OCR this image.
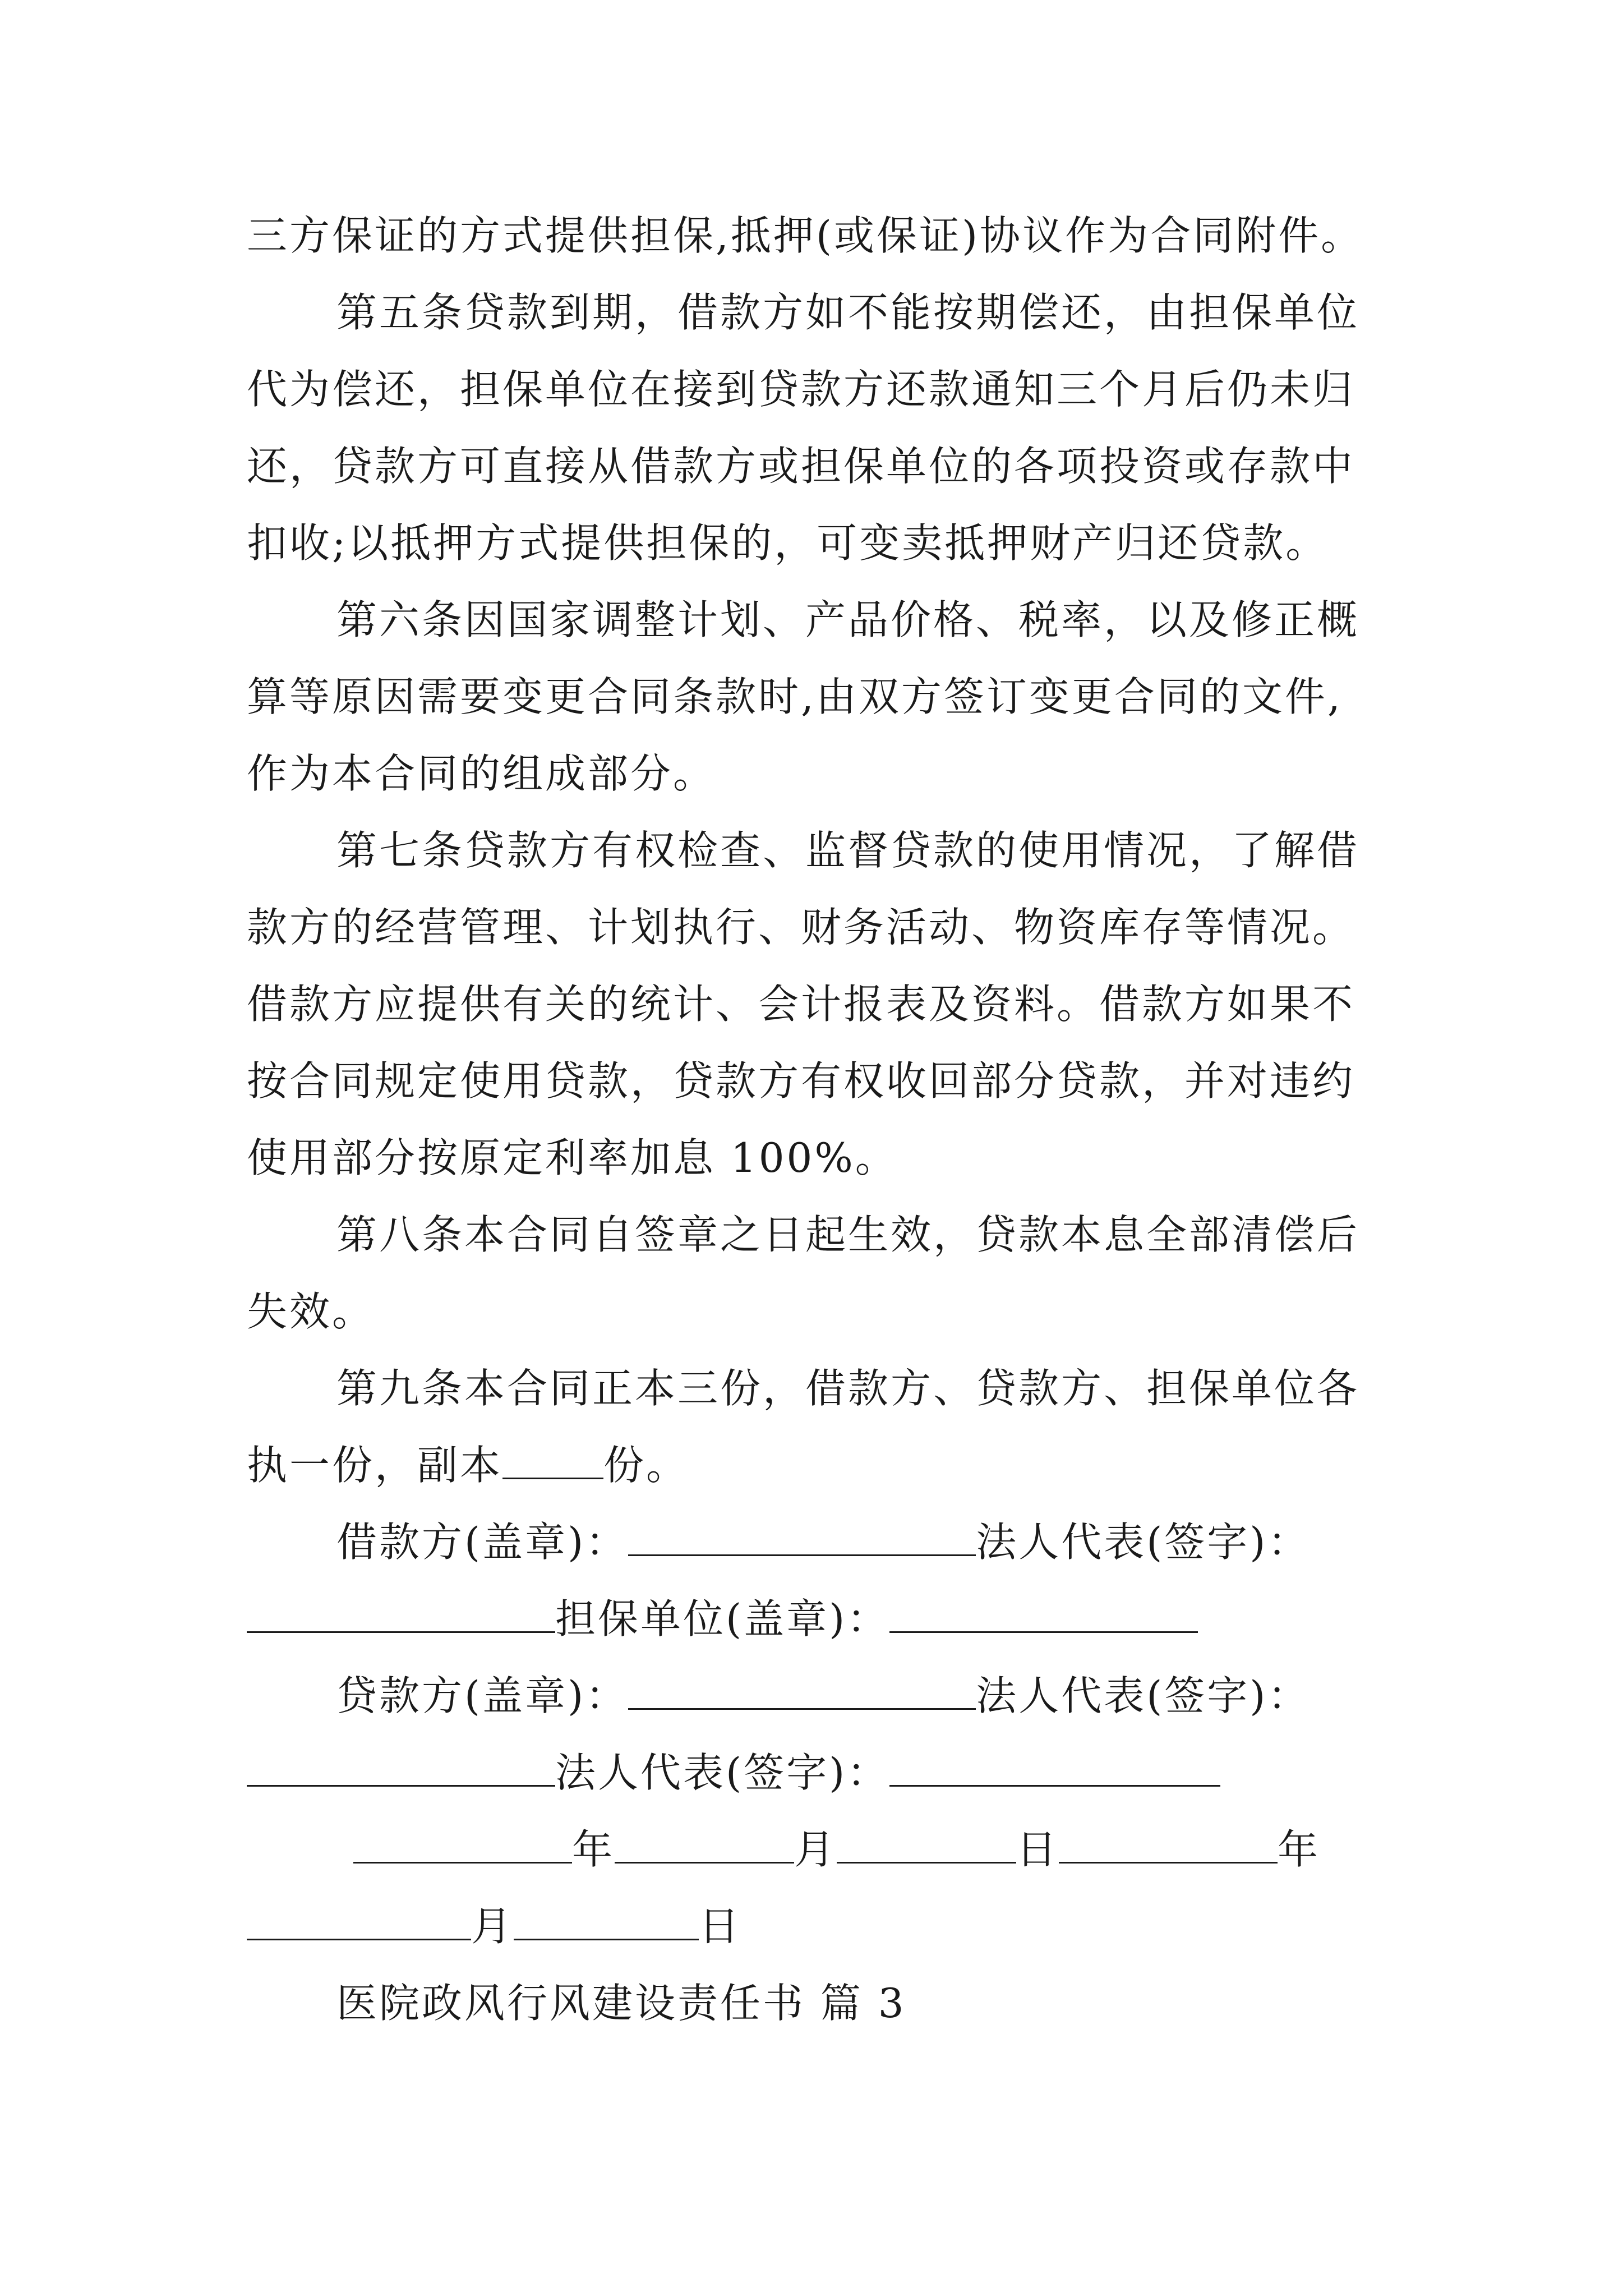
三方保证的方式提供担保,抵押(或保证)协议作为合同附件。
第五条贷款到期，借款方如不能按期偿还，由担保单位
代为偿还，担保单位在接到贷款方还款通知三个月后仍未归
还，贷款方可直接从借款方或担保单位的各项投资或存款中
扣收;以抵押方式提供担保的，可变卖抵押财产归还贷款。
第六条因国家调整计划、产品价格、税率，以及修正概
算等原因需要变更合同条款时,由双方签订变更合同的文件,
作为本合同的组成部分。
第七条贷款方有权检查、监督贷款的使用情况，了解借
款方的经营管理、计划执行、财务活动、物资库存等情况。
借款方应提供有关的统计、会计报表及资料。借款方如果不
按合同规定使用贷款，贷款方有权收回部分贷款，并对违约
使用部分按原定利率加息 100%。
第八条本合同自签章之日起生效，贷款本息全部清偿后
失效。
第九条本合同正本三份，借款方、贷款方、担保单位各
执一份，副本	份。
借款方(盖章)：	法人代表(签字)：
担保单位(盖章)：
贷款方(盖章)：	法人代表(签字)：
法人代表(签字)：
年	月	日	年
月	日
医院政风行风建设责任书 篇 3
